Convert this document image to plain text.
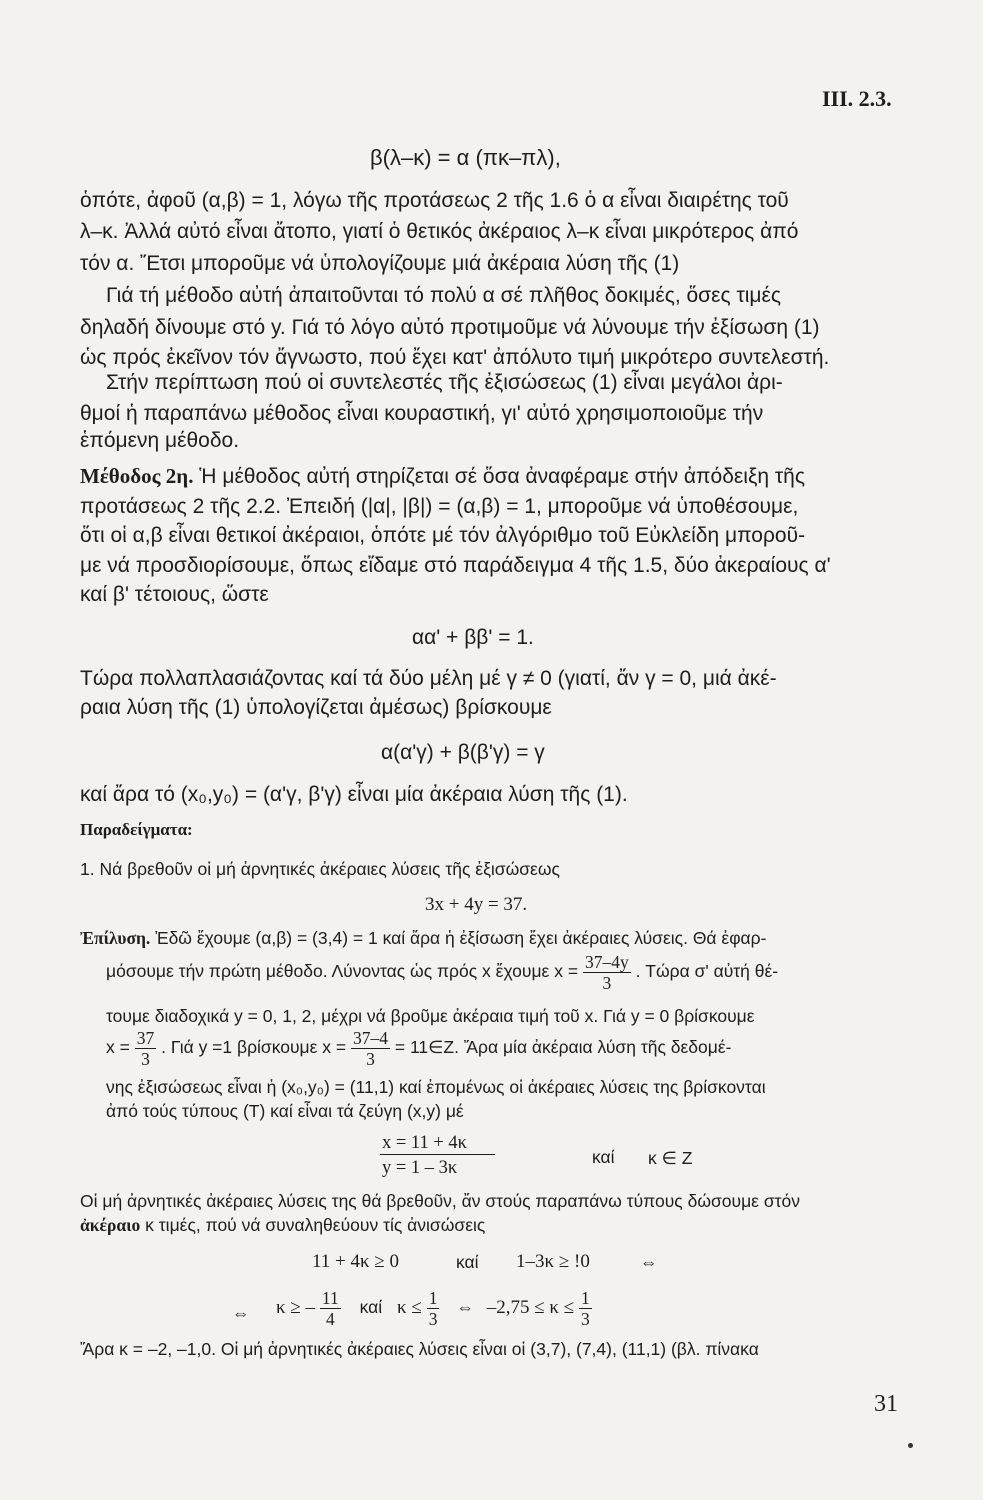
III. 2.3.
β(λ–κ) = α (πκ–πλ),
ὁπότε, ἀφοῦ (α,β) = 1, λόγω τῆς προτάσεως 2 τῆς 1.6 ὁ α εἶναι διαιρέτης τοῦ
λ–κ. Ἀλλά αὐτό εἶναι ἄτοπο, γιατί ὁ θετικός ἀκέραιος λ–κ εἶναι μικρότερος ἀπό
τόν α. Ἔτσι μποροῦμε νά ὑπολογίζουμε μιά ἀκέραια λύση τῆς (1)
Γιά τή μέθοδο αὐτή ἀπαιτοῦνται τό πολύ α σέ πλῆθος δοκιμές, ὅσες τιμές
δηλαδή δίνουμε στό y. Γιά τό λόγο αὐτό προτιμοῦμε νά λύνουμε τήν ἐξίσωση (1)
ὡς πρός ἐκεῖνον τόν ἄγνωστο, πού ἔχει κατ' ἀπόλυτο τιμή μικρότερο συντελεστή.
Στήν περίπτωση πού οἱ συντελεστές τῆς ἐξισώσεως (1) εἶναι μεγάλοι ἀρι-
θμοί ἡ παραπάνω μέθοδος εἶναι κουραστική, γι' αὐτό χρησιμοποιοῦμε τήν
ἑπόμενη μέθοδο.
Μέθοδος 2η. Ἡ μέθοδος αὐτή στηρίζεται σέ ὅσα ἀναφέραμε στήν ἀπόδειξη τῆς
προτάσεως 2 τῆς 2.2. Ἐπειδή (|α|, |β|) = (α,β) = 1, μποροῦμε νά ὑποθέσουμε,
ὅτι οἱ α,β εἶναι θετικοί ἀκέραιοι, ὁπότε μέ τόν ἀλγόριθμο τοῦ Εὐκλείδη μποροῦ-
με νά προσδιορίσουμε, ὅπως εἴδαμε στό παράδειγμα 4 τῆς 1.5, δύο ἀκεραίους α'
καί β' τέτοιους, ὥστε
αα' + ββ' = 1.
Τώρα πολλαπλασιάζοντας καί τά δύο μέλη μέ γ ≠ 0 (γιατί, ἄν γ = 0, μιά ἀκέ-
ραια λύση τῆς (1) ὑπολογίζεται ἀμέσως) βρίσκουμε
α(α'γ) + β(β'γ) = γ
καί ἄρα τό (x₀,y₀) = (α'γ, β'γ) εἶναι μία ἀκέραια λύση τῆς (1).
Παραδείγματα:
1. Νά βρεθοῦν οἱ μή ἀρνητικές ἀκέραιες λύσεις τῆς ἐξισώσεως
3x + 4y = 37.
Ἐπίλυση. Ἐδῶ ἔχουμε (α,β) = (3,4) = 1 καί ἄρα ἡ ἐξίσωση ἔχει ἀκέραιες λύσεις. Θά ἐφαρ-
μόσουμε τήν πρώτη μέθοδο. Λύνοντας ὡς πρός x ἔχουμε $x = \frac{37-4y}{3}$ . Τώρα σ' αὐτή θέ-
τουμε διαδοχικά y = 0, 1, 2, μέχρι νά βροῦμε ἀκέραια τιμή τοῦ x. Γιά y = 0 βρίσκουμε
$x = \frac{37}{3}$ . Γιά y =1 βρίσκουμε $x = \frac{37-4}{3}$ = 11∈Z. Ἄρα μία ἀκέραια λύση τῆς δεδομέ-
νης ἐξισώσεως εἶναι ἡ (x₀,y₀) = (11,1) καί ἑπομένως οἱ ἀκέραιες λύσεις της βρίσκονται
ἀπό τούς τύπους (Τ) καί εἶναι τά ζεύγη (x,y) μέ
x = 11 + 4κ
y = 1 – 3κ
καί κ ∈ Z
Οἱ μή ἀρνητικές ἀκέραιες λύσεις της θά βρεθοῦν, ἄν στούς παραπάνω τύπους δώσουμε στόν
ἀκέραιο κ τιμές, πού νά συναληθεύουν τίς ἀνισώσεις
11 + 4κ ≥ 0	καί 1–3κ ≥ !0	⇔
⇔ κ ≥ – $\frac{11}{4}$ καί $\kappa \le \frac{1}{3}$ ⇔ $-2,75 \le \kappa \le \frac{1}{3}$
Ἄρα κ = –2, –1,0. Οἱ μή ἀρνητικές ἀκέραιες λύσεις εἶναι οἱ (3,7), (7,4), (11,1) (βλ. πίνακα
31
